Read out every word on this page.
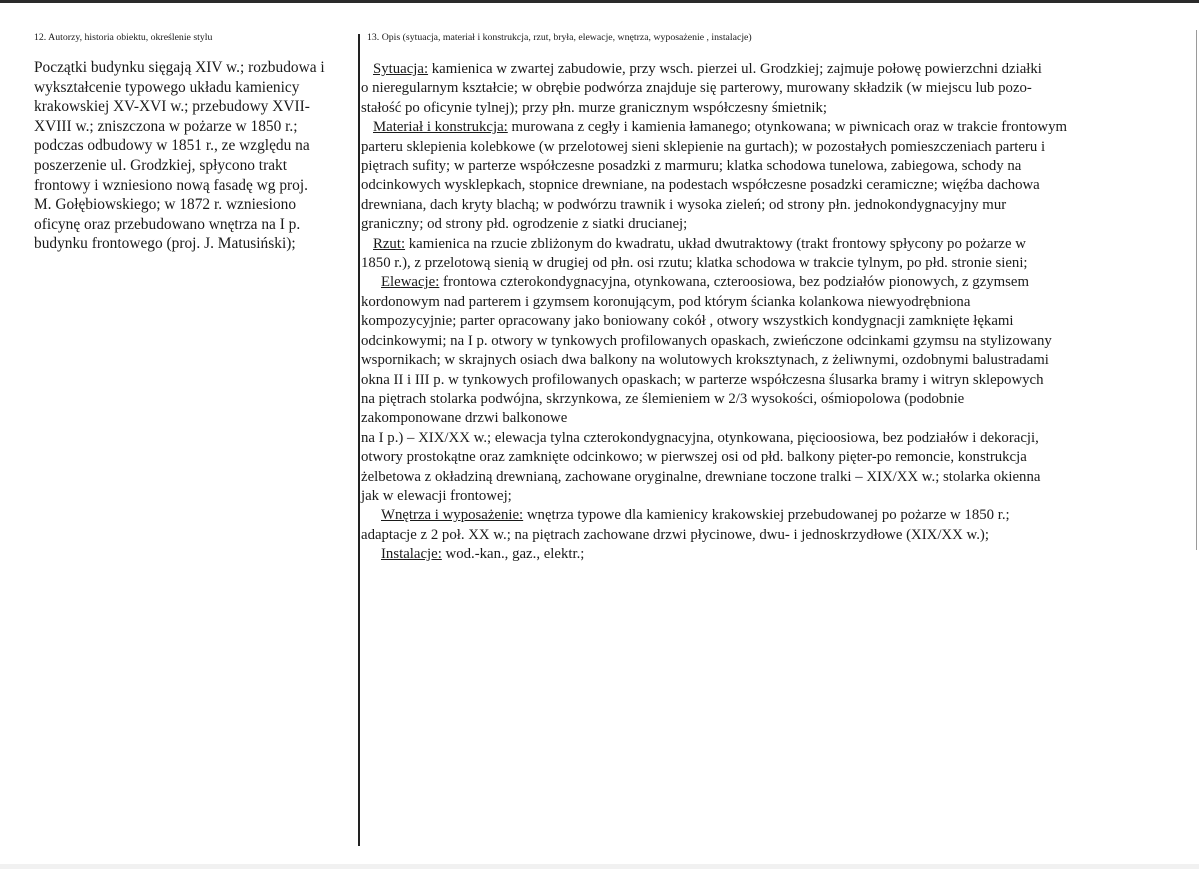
12. Autorzy, historia obiektu, określenie stylu	13. Opis (sytuacja, materiał i konstrukcja, rzut, bryła, elewacje, wnętrza, wyposażenie , instalacje)
Początki budynku sięgają XIV w.; rozbudowa i
wykształcenie typowego układu kamienicy
krakowskiej XV-XVI w.; przebudowy XVII-
XVIII w.; zniszczona w pożarze w 1850 r.;
podczas odbudowy w 1851 r., ze względu na
poszerzenie ul. Grodzkiej, spłycono trakt
frontowy i wzniesiono nową fasadę wg proj.
M. Gołębiowskiego; w 1872 r. wzniesiono
oficynę oraz przebudowano wnętrza na I p.
budynku frontowego (proj. J. Matusiński);
Sytuacja: kamienica w zwartej zabudowie, przy wsch. pierzei ul. Grodzkiej; zajmuje połowę powierzchni działki
o nieregularnym kształcie; w obrębie podwórza znajduje się parterowy, murowany składzik (w miejscu lub pozo-
stałość po oficynie tylnej); przy płn. murze granicznym współczesny śmietnik;
Materiał i konstrukcja: murowana z cegły i kamienia łamanego; otynkowana; w piwnicach oraz w trakcie frontowym
parteru sklepienia kolebkowe (w przelotowej sieni sklepienie na gurtach); w pozostałych pomieszczeniach parteru i
piętrach sufity; w parterze współczesne posadzki z marmuru; klatka schodowa tunelowa, zabiegowa, schody na
odcinkowych wysklepkach, stopnice drewniane, na podestach współczesne posadzki ceramiczne; więźba dachowa
drewniana, dach kryty blachą; w podwórzu trawnik i wysoka zieleń; od strony płn. jednokondygnacyjny mur
graniczny; od strony płd. ogrodzenie z siatki drucianej;
Rzut: kamienica na rzucie zbliżonym do kwadratu, układ dwutraktowy (trakt frontowy spłycony po pożarze w
1850 r.), z przelotową sienią w drugiej od płn. osi rzutu; klatka schodowa w trakcie tylnym, po płd. stronie sieni;
Elewacje: frontowa czterokondygnacyjna, otynkowana, czteroosiowa, bez podziałów pionowych, z gzymsem
kordonowym nad parterem i gzymsem koronującym, pod którym ścianka kolankowa niewyodrębniona
kompozycyjnie; parter opracowany jako boniowany cokół , otwory wszystkich kondygnacji zamknięte łękami
odcinkowymi; na I p. otwory w tynkowych profilowanych opaskach, zwieńczone odcinkami gzymsu na stylizowany
wspornikach; w skrajnych osiach dwa balkony na wolutowych kroksztynach, z żeliwnymi, ozdobnymi balustradami
okna II i III p. w tynkowych profilowanych opaskach; w parterze współczesna ślusarka bramy i witryn sklepowych
na piętrach stolarka podwójna, skrzynkowa, ze ślemieniem w 2/3 wysokości, ośmiopolowa (podobnie
zakomponowane drzwi balkonowe
na I p.) – XIX/XX w.; elewacja tylna czterokondygnacyjna, otynkowana, pięcioosiowa, bez podziałów i dekoracji,
otwory prostokątne oraz zamknięte odcinkowo; w pierwszej osi od płd. balkony pięter-po remoncie, konstrukcja
żelbetowa z okładziną drewnianą, zachowane oryginalne, drewniane toczone tralki – XIX/XX w.; stolarka okienna
jak w elewacji frontowej;
Wnętrza i wyposażenie: wnętrza typowe dla kamienicy krakowskiej przebudowanej po pożarze w 1850 r.;
adaptacje z 2 poł. XX w.; na piętrach zachowane drzwi płycinowe, dwu- i jednoskrzydłowe (XIX/XX w.);
Instalacje: wod.-kan., gaz., elektr.;
